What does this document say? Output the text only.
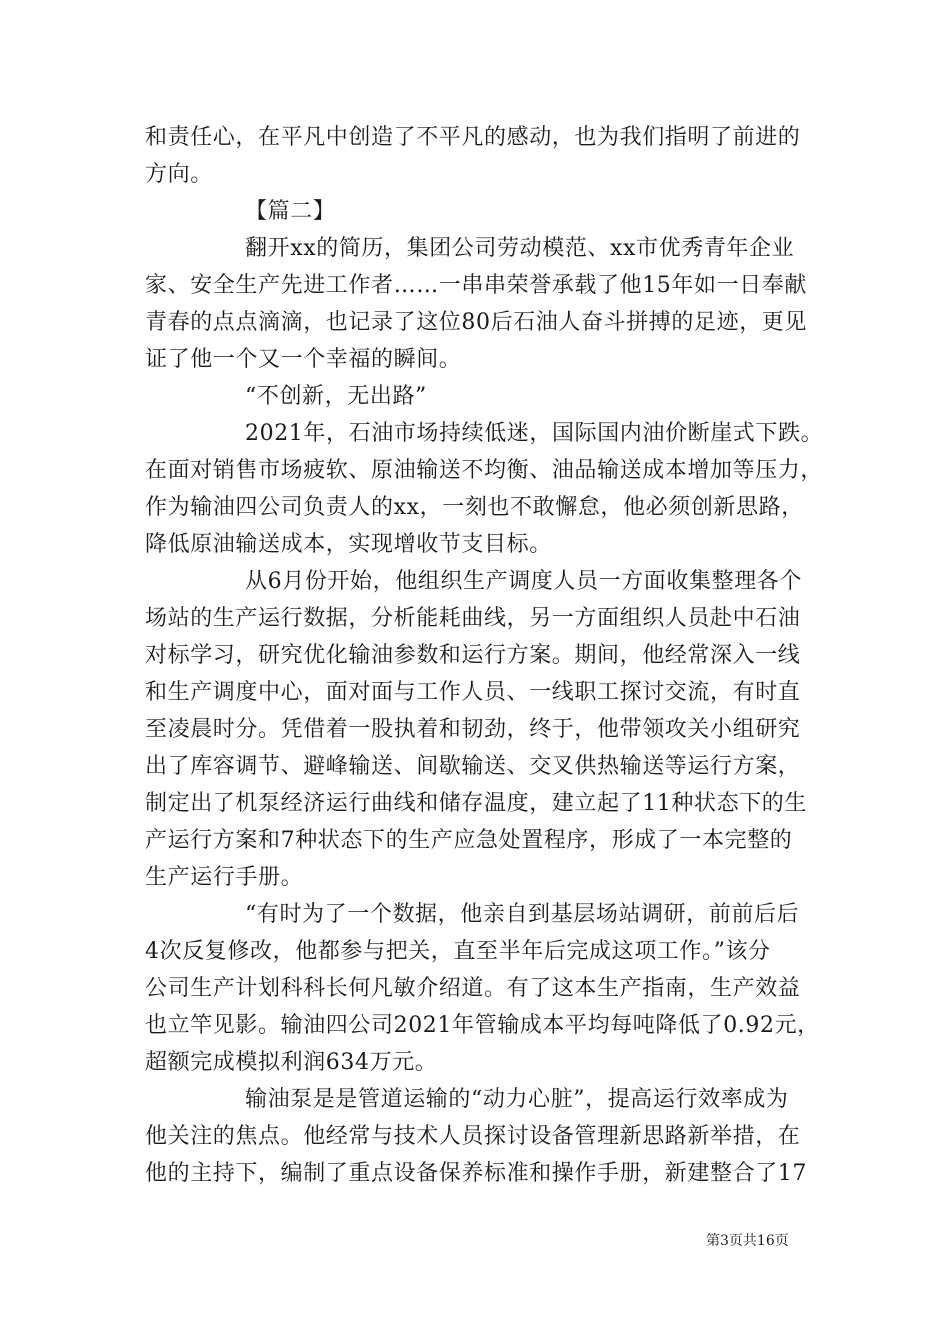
和责任心，在平凡中创造了不平凡的感动，也为我们指明了前进的
方向。
【篇二】
翻开xx的简历，集团公司劳动模范、xx市优秀青年企业
家、安全生产先进工作者……一串串荣誉承载了他15年如一日奉献
青春的点点滴滴，也记录了这位80后石油人奋斗拼搏的足迹，更见
证了他一个又一个幸福的瞬间。
“不创新，无出路”
2021年，石油市场持续低迷，国际国内油价断崖式下跌。
在面对销售市场疲软、原油输送不均衡、油品输送成本增加等压力，
作为输油四公司负责人的xx，一刻也不敢懈怠，他必须创新思路，
降低原油输送成本，实现增收节支目标。
从6月份开始，他组织生产调度人员一方面收集整理各个
场站的生产运行数据，分析能耗曲线，另一方面组织人员赴中石油
对标学习，研究优化输油参数和运行方案。期间，他经常深入一线
和生产调度中心，面对面与工作人员、一线职工探讨交流，有时直
至凌晨时分。凭借着一股执着和韧劲，终于，他带领攻关小组研究
出了库容调节、避峰输送、间歇输送、交叉供热输送等运行方案，
制定出了机泵经济运行曲线和储存温度，建立起了11种状态下的生
产运行方案和7种状态下的生产应急处置程序，形成了一本完整的
生产运行手册。
“有时为了一个数据，他亲自到基层场站调研，前前后后
4次反复修改，他都参与把关，直至半年后完成这项工作。”该分
公司生产计划科科长何凡敏介绍道。有了这本生产指南，生产效益
也立竿见影。输油四公司2021年管输成本平均每吨降低了0.92元，
超额完成模拟利润634万元。
输油泵是是管道运输的“动力心脏”，提高运行效率成为
他关注的焦点。他经常与技术人员探讨设备管理新思路新举措，在
他的主持下，编制了重点设备保养标准和操作手册，新建整合了17
第3页共16页
